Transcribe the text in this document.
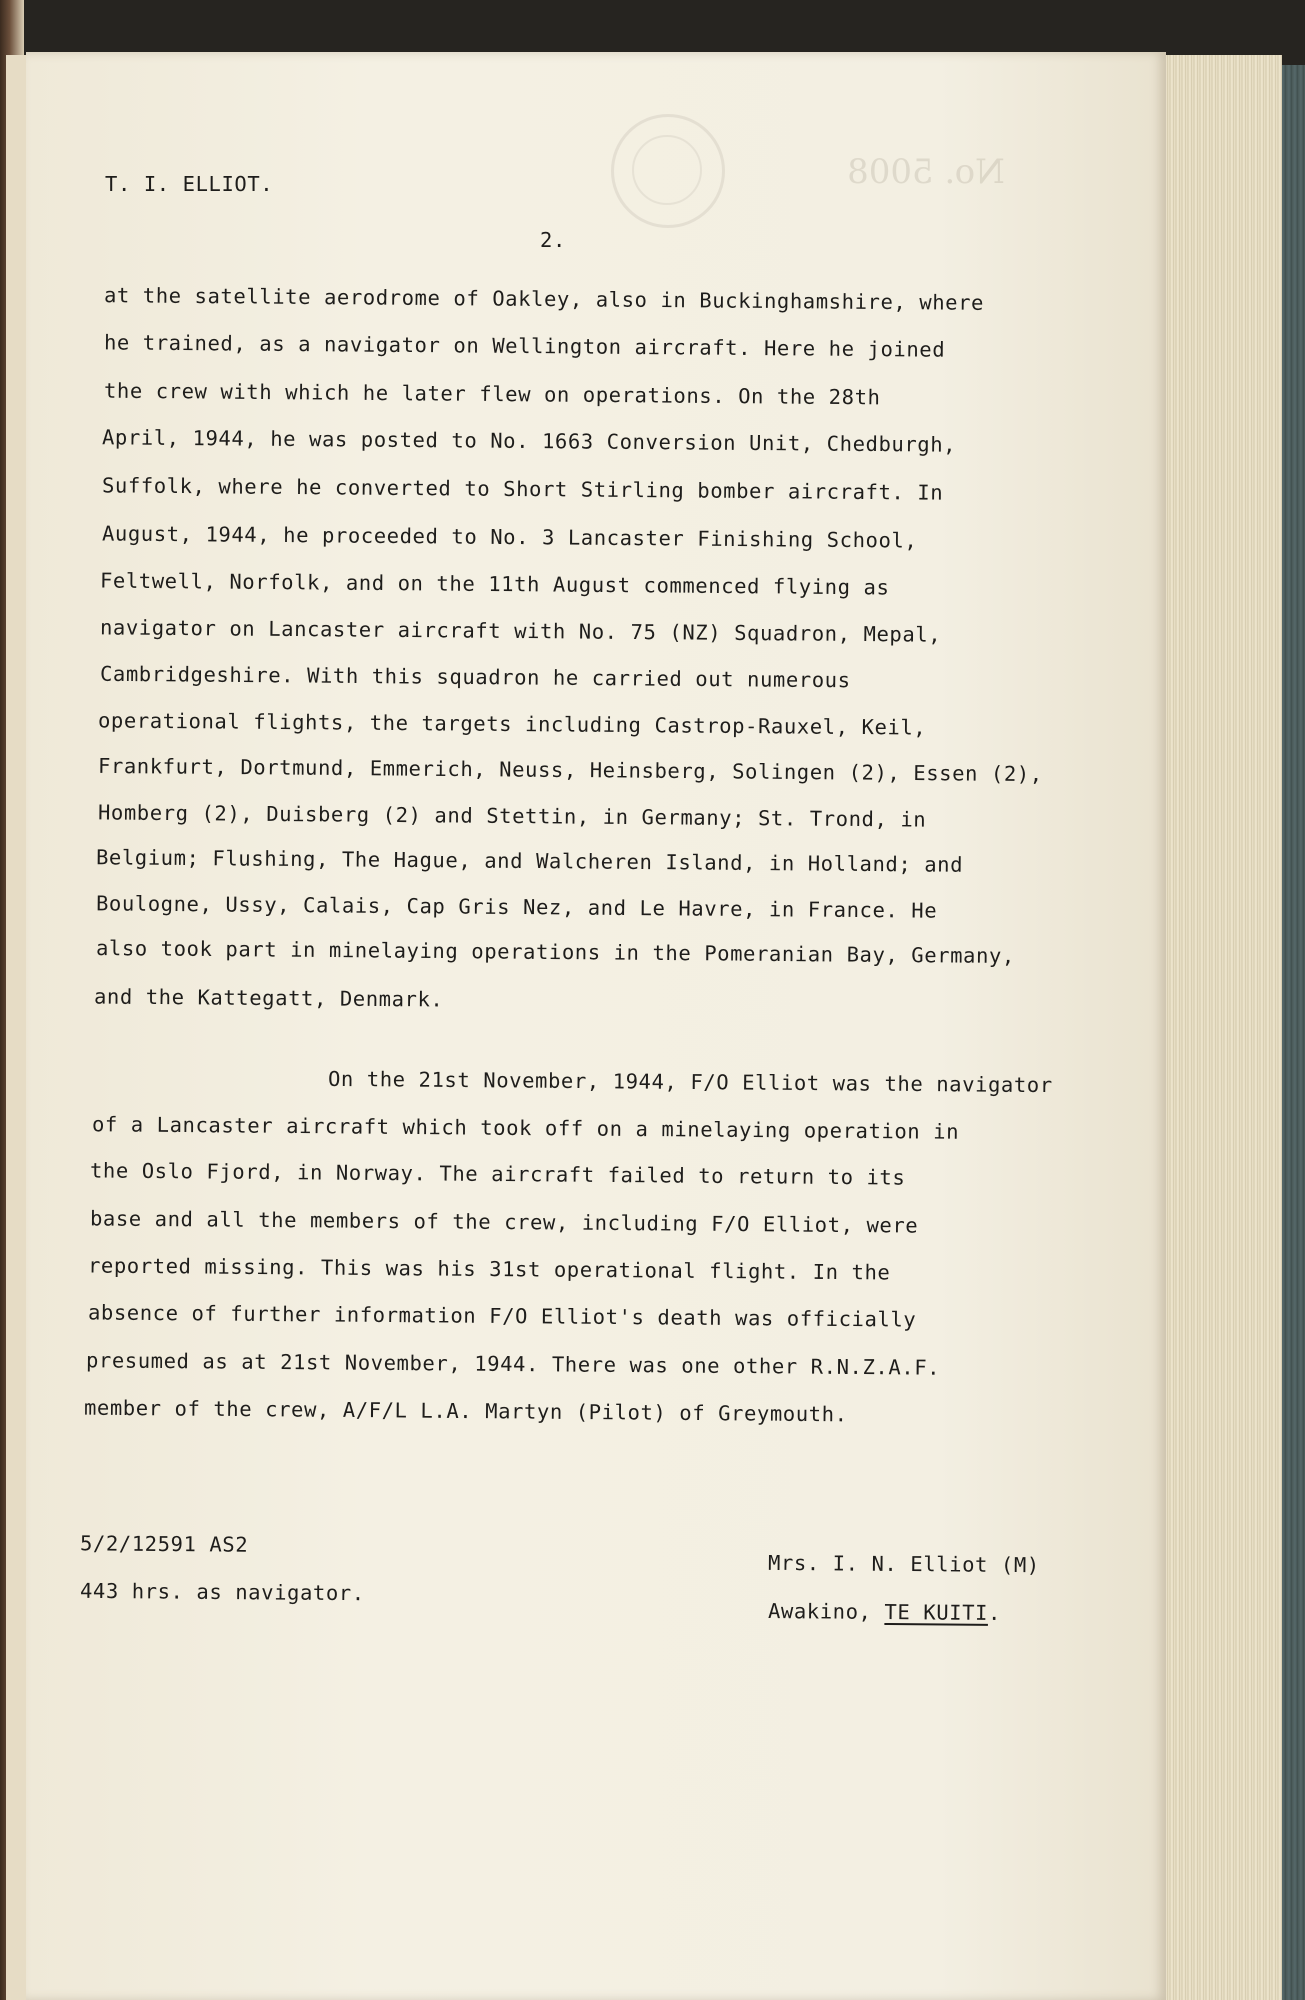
No. 5008
T. I. ELLIOT.
2.
at the satellite aerodrome of Oakley, also in Buckinghamshire, where
he trained, as a navigator on Wellington aircraft. Here he joined
the crew with which he later flew on operations. On the 28th
April, 1944, he was posted to No. 1663 Conversion Unit, Chedburgh,
Suffolk, where he converted to Short Stirling bomber aircraft. In
August, 1944, he proceeded to No. 3 Lancaster Finishing School,
Feltwell, Norfolk, and on the 11th August commenced flying as
navigator on Lancaster aircraft with No. 75 (NZ) Squadron, Mepal,
Cambridgeshire. With this squadron he carried out numerous
operational flights, the targets including Castrop-Rauxel, Keil,
Frankfurt, Dortmund, Emmerich, Neuss, Heinsberg, Solingen (2), Essen (2),
Homberg (2), Duisberg (2) and Stettin, in Germany; St. Trond, in
Belgium; Flushing, The Hague, and Walcheren Island, in Holland; and
Boulogne, Ussy, Calais, Cap Gris Nez, and Le Havre, in France. He
also took part in minelaying operations in the Pomeranian Bay, Germany,
and the Kattegatt, Denmark.
On the 21st November, 1944, F/O Elliot was the navigator
of a Lancaster aircraft which took off on a minelaying operation in
the Oslo Fjord, in Norway. The aircraft failed to return to its
base and all the members of the crew, including F/O Elliot, were
reported missing. This was his 31st operational flight. In the
absence of further information F/O Elliot's death was officially
presumed as at 21st November, 1944. There was one other R.N.Z.A.F.
member of the crew, A/F/L L.A. Martyn (Pilot) of Greymouth.
5/2/12591 AS2
443 hrs. as navigator.
Mrs. I. N. Elliot (M)
Awakino, TE KUITI.
